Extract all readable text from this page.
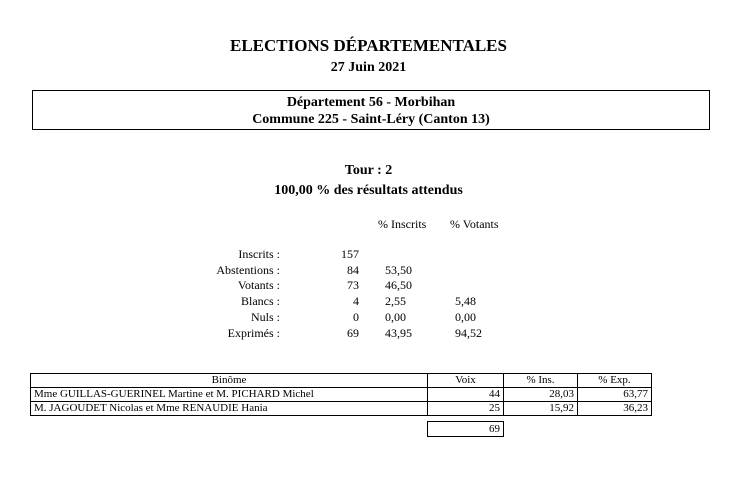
ELECTIONS DÉPARTEMENTALES
27 Juin 2021
Département 56 - Morbihan
Commune 225 - Saint-Léry (Canton 13)
Tour : 2
100,00 % des résultats attendus
% Inscrits % Votants
Inscrits :	157
Abstentions :	84 53,50
Votants :	73 46,50
Blancs :	4 2,55	5,48
Nuls :	0 0,00	0,00
Exprimés :	69 43,95	94,52
Binôme	Voix	% Ins.	% Exp.
Mme GUILLAS-GUERINEL Martine et M. PICHARD Michel	44	28,03	63,77
M. JAGOUDET Nicolas et Mme RENAUDIE Hania	25	15,92	36,23
69
